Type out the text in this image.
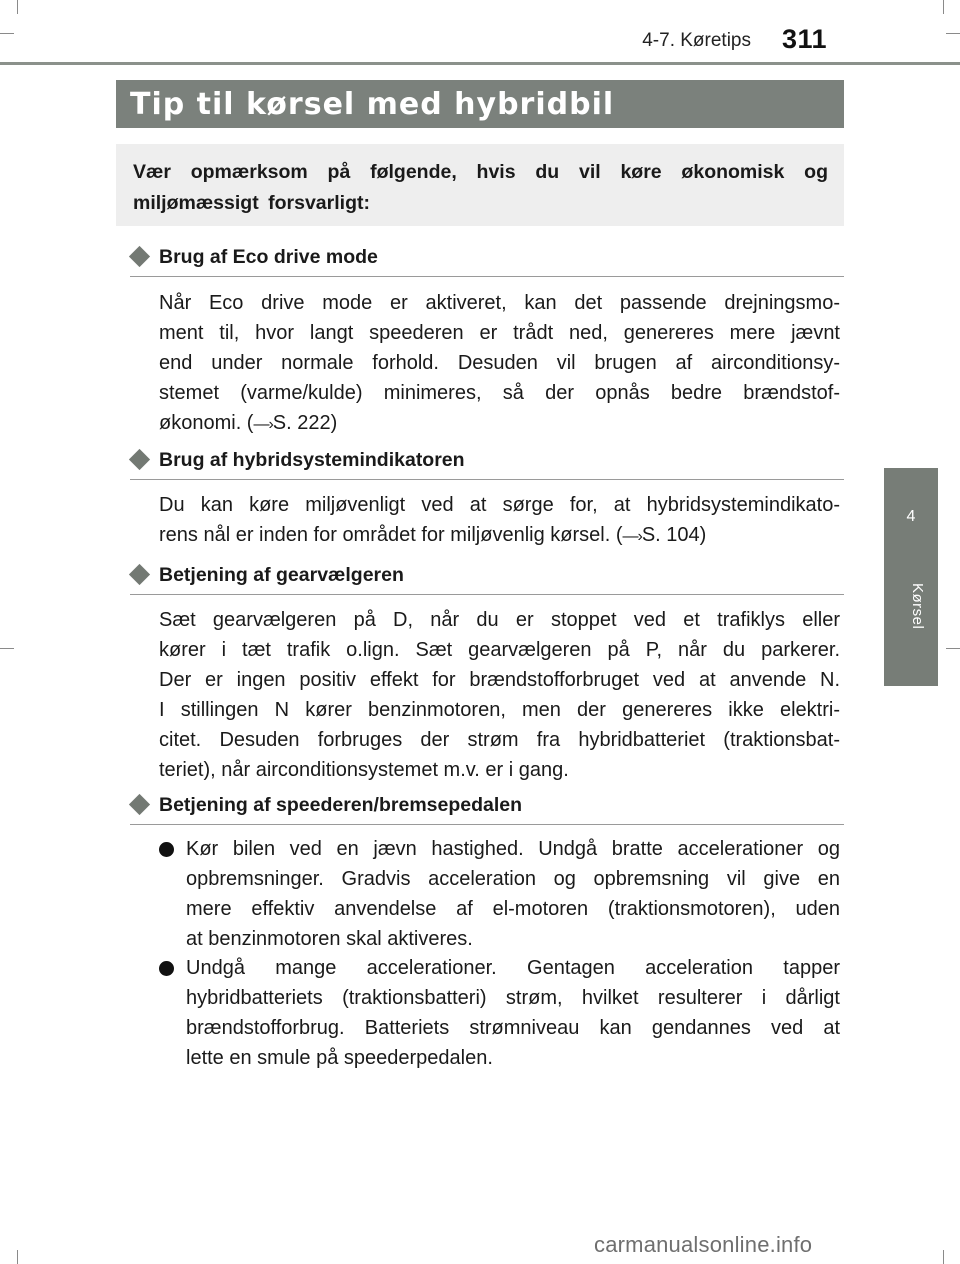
4-7. Køretips 311
4
Kørsel
Tip til kørsel med hybridbil

Vær opmærksom på følgende, hvis du vil køre økonomisk og miljømæssigt forsvarligt:

Brug af Eco drive mode
Når Eco drive mode er aktiveret, kan det passende drejningsmo-
ment til, hvor langt speederen er trådt ned, genereres mere jævnt
end under normale forhold. Desuden vil brugen af airconditionsy-
stemet (varme/kulde) minimeres, så der opnås bedre brændstof-
økonomi. (—›S. 222)
Brug af hybridsystemindikatoren
Du kan køre miljøvenligt ved at sørge for, at hybridsystemindikato-
rens nål er inden for området for miljøvenlig kørsel. (—›S. 104)
Betjening af gearvælgeren
Sæt gearvælgeren på D, når du er stoppet ved et trafiklys eller
kører i tæt trafik o.lign. Sæt gearvælgeren på P, når du parkerer.
Der er ingen positiv effekt for brændstofforbruget ved at anvende N.
I stillingen N kører benzinmotoren, men der genereres ikke elektri-
citet. Desuden forbruges der strøm fra hybridbatteriet (traktionsbat-
teriet), når airconditionsystemet m.v. er i gang.
Betjening af speederen/bremsepedalen
Kør bilen ved en jævn hastighed. Undgå bratte accelerationer og
opbremsninger. Gradvis acceleration og opbremsning vil give en
mere effektiv anvendelse af el-motoren (traktionsmotoren), uden
at benzinmotoren skal aktiveres.
Undgå mange accelerationer. Gentagen acceleration tapper
hybridbatteriets (traktionsbatteri) strøm, hvilket resulterer i dårligt
brændstofforbrug. Batteriets strømniveau kan gendannes ved at
lette en smule på speederpedalen.
carmanualsonline.info
